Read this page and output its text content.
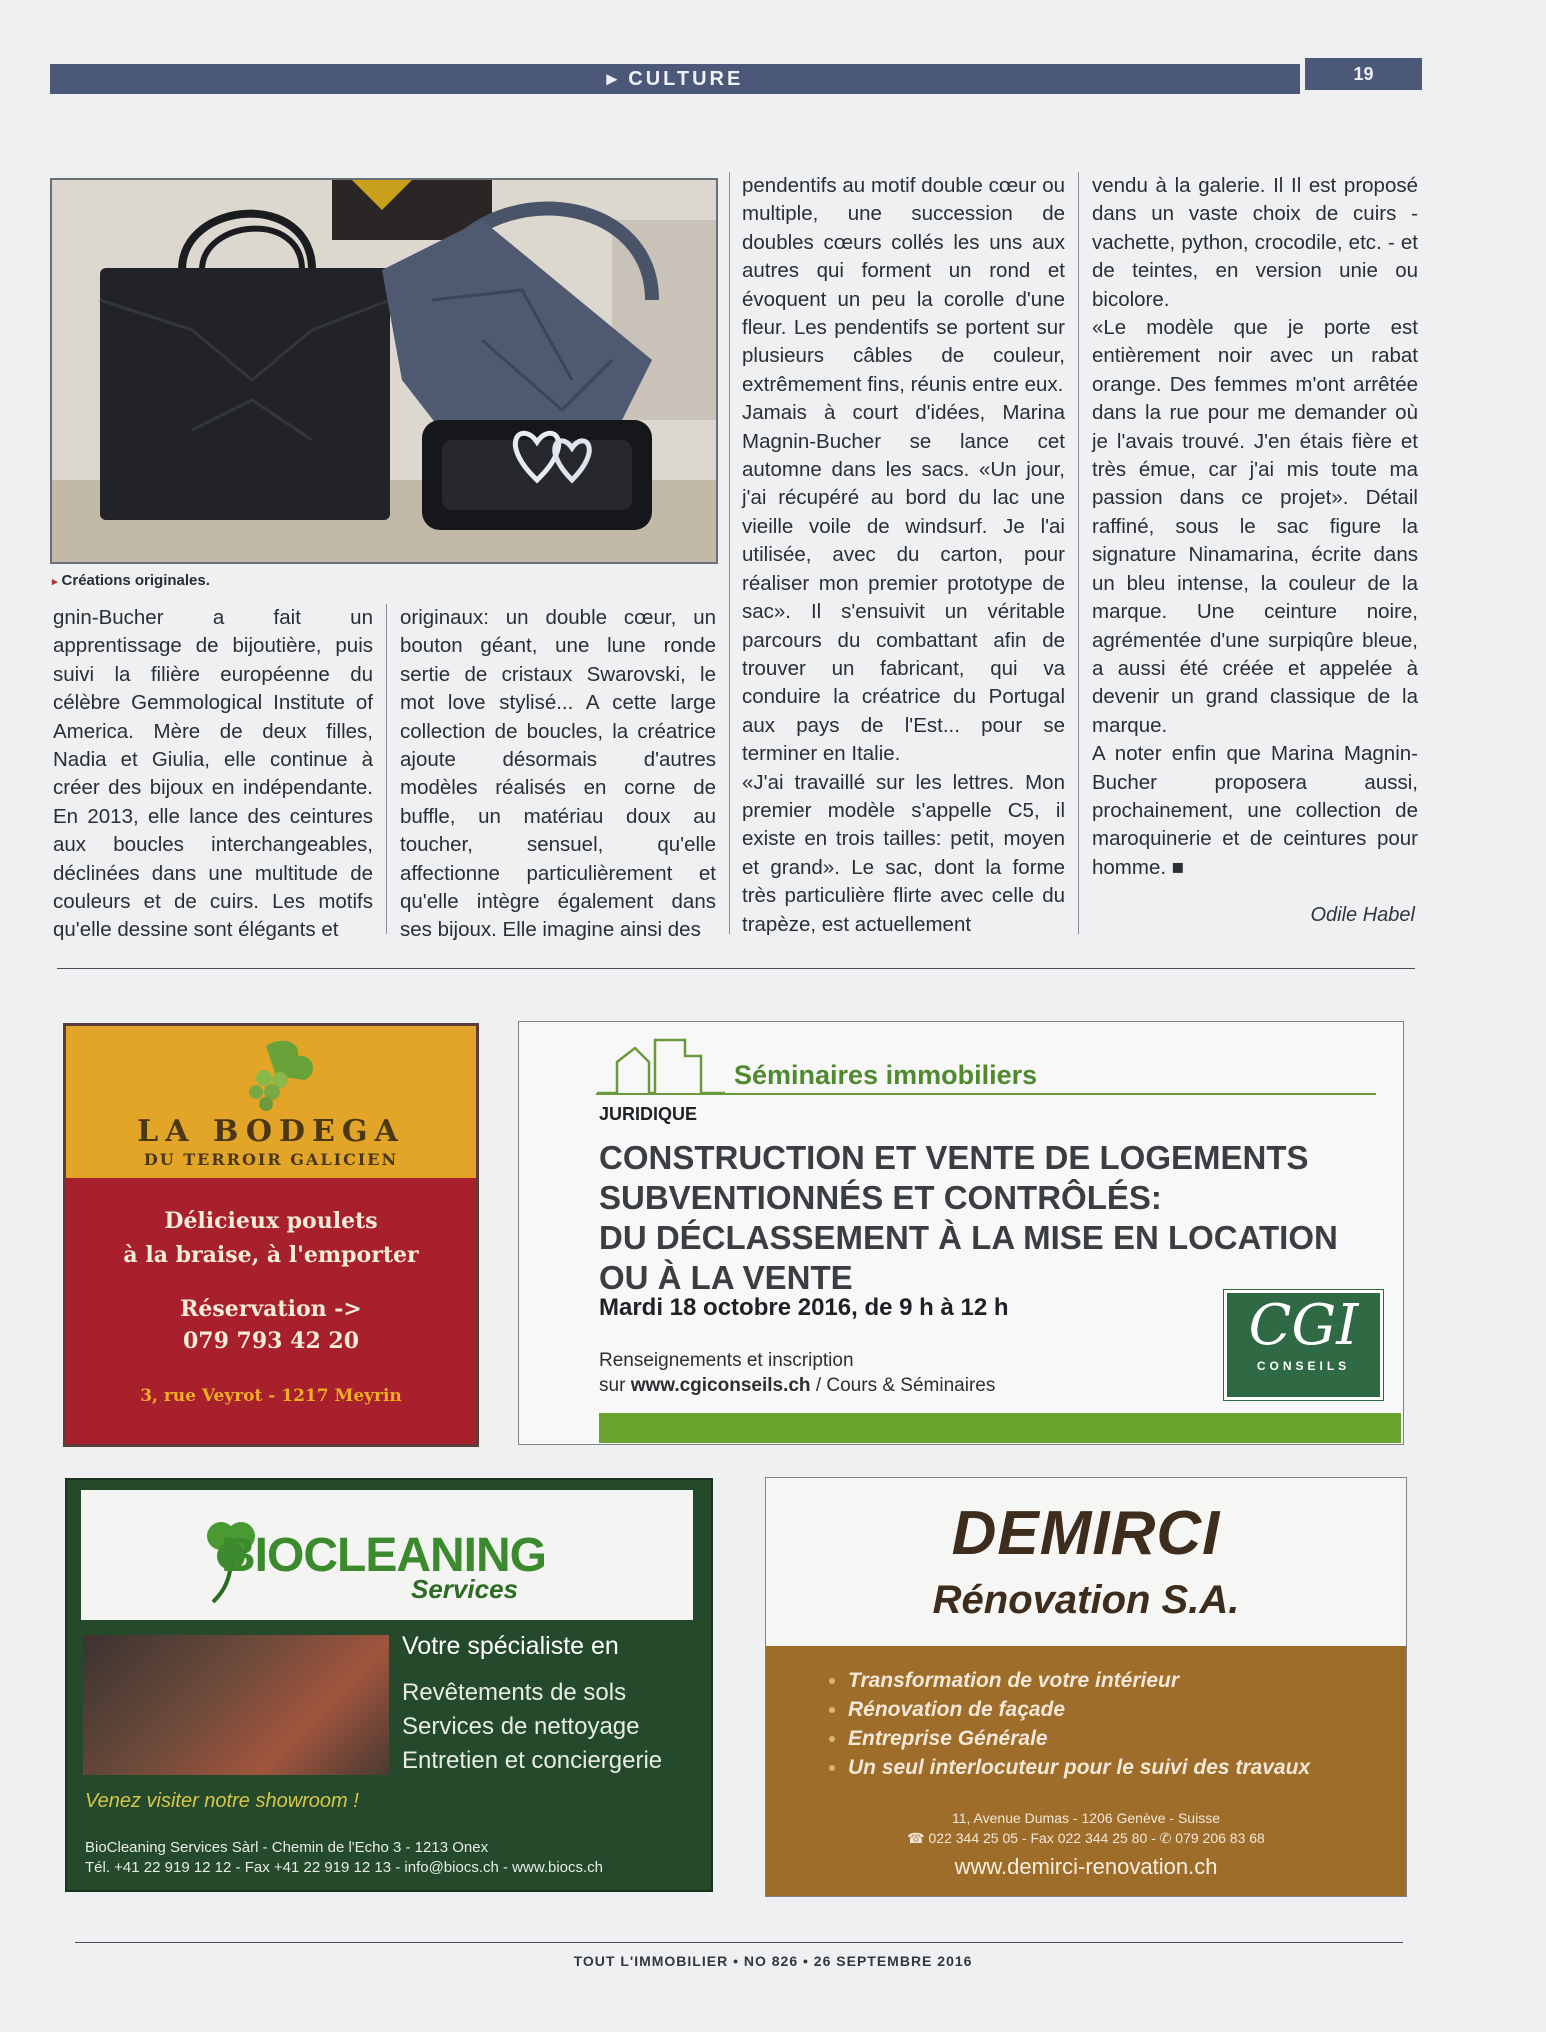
▸ CULTURE	19
▸ Créations originales.

gnin-Bucher a fait un apprentissage de bijoutière, puis suivi la filière européenne du célèbre Gemmological Institute of America. Mère de deux filles, Nadia et Giulia, elle continue à créer des bijoux en indépendante. En 2013, elle lance des ceintures aux boucles interchangeables, déclinées dans une multitude de couleurs et de cuirs. Les motifs qu'elle dessine sont élégants et

originaux: un double cœur, un bouton géant, une lune ronde sertie de cristaux Swarovski, le mot love stylisé... A cette large collection de boucles, la créatrice ajoute désormais d'autres modèles réalisés en corne de buffle, un matériau doux au toucher, sensuel, qu'elle affectionne particulièrement et qu'elle intègre également dans ses bijoux. Elle imagine ainsi des

pendentifs au motif double cœur ou multiple, une succession de doubles cœurs collés les uns aux autres qui forment un rond et évoquent un peu la corolle d'une fleur. Les pendentifs se portent sur plusieurs câbles de couleur, extrêmement fins, réunis entre eux.

Jamais à court d'idées, Marina Magnin-Bucher se lance cet automne dans les sacs. «Un jour, j'ai récupéré au bord du lac une vieille voile de windsurf. Je l'ai utilisée, avec du carton, pour réaliser mon premier prototype de sac». Il s'ensuivit un véritable parcours du combattant afin de trouver un fabricant, qui va conduire la créatrice du Portugal aux pays de l'Est... pour se terminer en Italie.

«J'ai travaillé sur les lettres. Mon premier modèle s'appelle C5, il existe en trois tailles: petit, moyen et grand». Le sac, dont la forme très particulière flirte avec celle du trapèze, est actuellement

vendu à la galerie. Il Il est proposé dans un vaste choix de cuirs - vachette, python, crocodile, etc. - et de teintes, en version unie ou bicolore.

«Le modèle que je porte est entièrement noir avec un rabat orange. Des femmes m'ont arrêtée dans la rue pour me demander où je l'avais trouvé. J'en étais fière et très émue, car j'ai mis toute ma passion dans ce projet». Détail raffiné, sous le sac figure la signature Ninamarina, écrite dans un bleu intense, la couleur de la marque. Une ceinture noire, agrémentée d'une surpiqûre bleue, a aussi été créée et appelée à devenir un grand classique de la marque.

A noter enfin que Marina Magnin-Bucher proposera aussi, prochainement, une collection de maroquinerie et de ceintures pour homme. ■

Odile Habel
LA BODEGA
DU TERROIR GALICIEN
Délicieux poulets
à la braise, à l'emporter
Réservation ->
079 793 42 20
3, rue Veyrot - 1217 Meyrin
Séminaires immobiliers
JURIDIQUE
CONSTRUCTION ET VENTE DE LOGEMENTS
SUBVENTIONNÉS ET CONTRÔLÉS:
DU DÉCLASSEMENT À LA MISE EN LOCATION
OU À LA VENTE
Mardi 18 octobre 2016, de 9 h à 12 h
Renseignements et inscription
sur www.cgiconseils.ch / Cours & Séminaires
CGI
CONSEILS
BIOCLEANING
Services
Votre spécialiste en
Revêtements de sols
Services de nettoyage
Entretien et conciergerie
Venez visiter notre showroom !
BioCleaning Services Sàrl - Chemin de l'Echo 3 - 1213 Onex
Tél. +41 22 919 12 12 - Fax +41 22 919 12 13 - info@biocs.ch - www.biocs.ch
DEMIRCI
Rénovation S.A.
• Transformation de votre intérieur
• Rénovation de façade
• Entreprise Générale
• Un seul interlocuteur pour le suivi des travaux
11, Avenue Dumas - 1206 Genève - Suisse
☎ 022 344 25 05 - Fax 022 344 25 80 - ✆ 079 206 83 68
www.demirci-renovation.ch
TOUT L'IMMOBILIER • NO 826 • 26 SEPTEMBRE 2016
